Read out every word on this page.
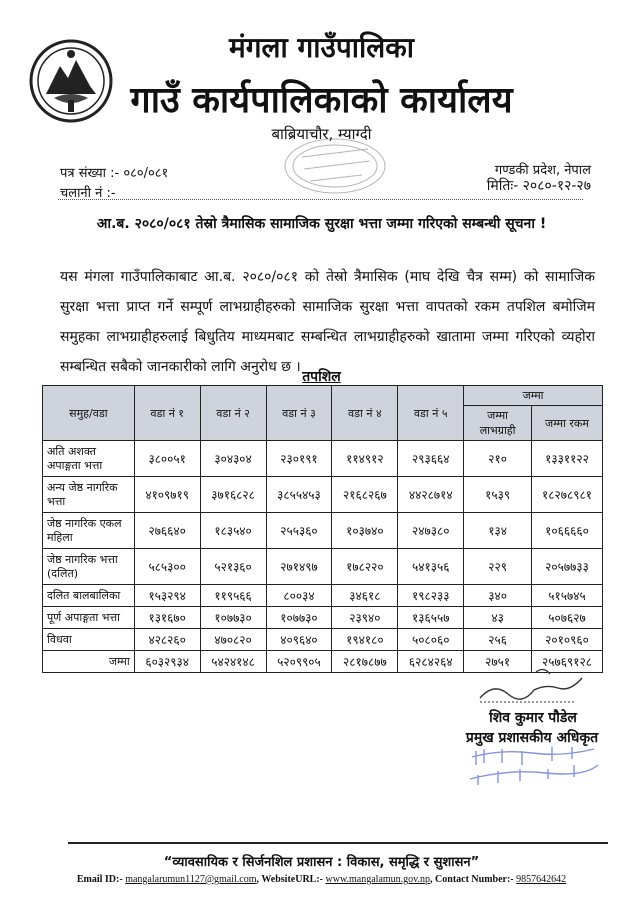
मंगला गाउँपालिका
गाउँ कार्यपालिकाको कार्यालय
बाब्रियाचौर, म्याग्दी
पत्र संख्या :- ०८०/०८१
चलानी नं :-
गण्डकी प्रदेश, नेपाल
मितिः- २०८०-१२-२७
आ.ब. २०८०/०८१ तेस्रो त्रैमासिक सामाजिक सुरक्षा भत्ता जम्मा गरिएको सम्बन्धी सूचना !
यस मंगला गाउँपालिकाबाट आ.ब. २०८०/०८१ को तेस्रो त्रैमासिक (माघ देखि चैत्र सम्म) को सामाजिक सुरक्षा भत्ता प्राप्त गर्ने सम्पूर्ण लाभग्राहीहरुको सामाजिक सुरक्षा भत्ता वापतको रकम तपशिल बमोजिम समुहका लाभग्राहीहरुलाई बिधुतिय माध्यमबाट सम्बन्धित लाभग्राहीहरुको खातामा जम्मा गरिएको व्यहोरा सम्बन्धित सबैको जानकारीको लागि अनुरोध छ ।
तपशिल
समुह/वडा	वडा नं १	वडा नं २	वडा नं ३	वडा नं ४	वडा नं ५	जम्मा	
						जम्मा लाभग्राही	जम्मा रकम
अति अशक्त अपाङ्गता भत्ता	३८००५१	३०४३०४	२३०१९१	११४९१२	२९३६६४	२१०	१३३११२२
अन्य जेष्ठ नागरिक भत्ता	४१०९७१९	३७१६८२८	३८५५४५३	२१६८२६७	४४२८७१४	१५३९	१८२७८९८१
जेष्ठ नागरिक एकल महिला	२७६६४०	१८३५४०	२५५३६०	१०३७४०	२४७३८०	१३४	१०६६६६०
जेष्ठ नागरिक भत्ता (दलित)	५८५३००	५२१३६०	२७१४९७	१७८२२०	५४१३५६	२२९	२०५७७३३
दलित बालबालिका	१५३२९४	११९५६६	८००३४	३४६१८	१९८२३३	३४०	५१५७४५
पूर्ण अपाङ्गता भत्ता	१३१६७०	१०७७३०	१०७७३०	२३९४०	१३६५५७	४३	५०७६२७
विधवा	४२८२६०	४७०८२०	४०९६४०	१९४१८०	५०८०६०	२५६	२०१०९६०
जम्मा	६०३२९३४	५४२४१४८	५२०९९०५	२८१७८७७	६२८४२६४	२७५१	२५७६९१२८
शिव कुमार पौडेल
प्रमुख प्रशासकीय अधिकृत
“व्यावसायिक र सिर्जनशिल प्रशासन : विकास, समृद्धि र सुशासन”
Email ID:- mangalarumun1127@gmail.com, WebsiteURL:- www.mangalamun.gov.np, Contact Number:- 9857642642
